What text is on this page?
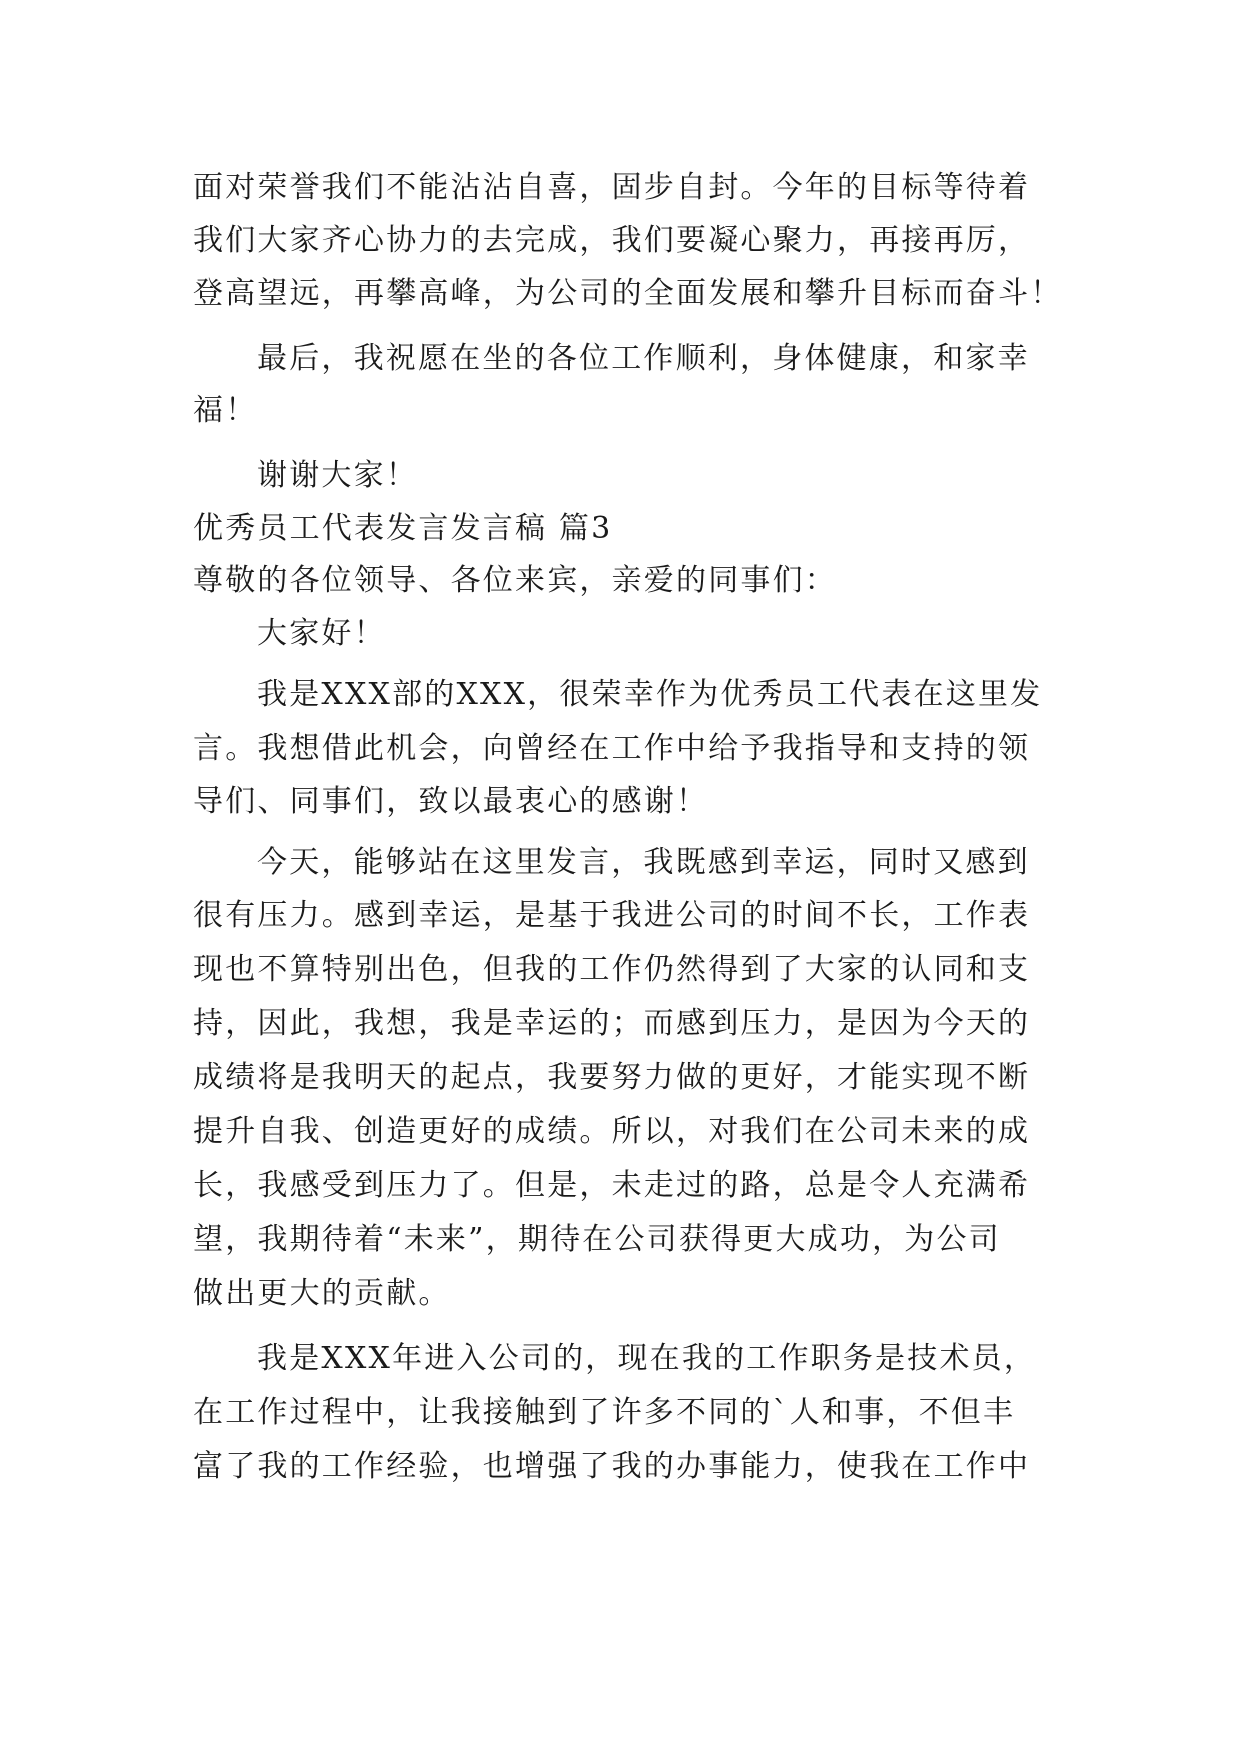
面对荣誉我们不能沾沾自喜，固步自封。今年的目标等待着
我们大家齐心协力的去完成，我们要凝心聚力，再接再厉，
登高望远，再攀高峰，为公司的全面发展和攀升目标而奋斗！
最后，我祝愿在坐的各位工作顺利，身体健康，和家幸
福！
谢谢大家！
优秀员工代表发言发言稿 篇3
尊敬的各位领导、各位来宾，亲爱的同事们：
大家好！
我是XXX部的XXX，很荣幸作为优秀员工代表在这里发
言。我想借此机会，向曾经在工作中给予我指导和支持的领
导们、同事们，致以最衷心的感谢！
今天，能够站在这里发言，我既感到幸运，同时又感到
很有压力。感到幸运，是基于我进公司的时间不长，工作表
现也不算特别出色，但我的工作仍然得到了大家的认同和支
持，因此，我想，我是幸运的；而感到压力，是因为今天的
成绩将是我明天的起点，我要努力做的更好，才能实现不断
提升自我、创造更好的成绩。所以，对我们在公司未来的成
长，我感受到压力了。但是，未走过的路，总是令人充满希
望，我期待着“未来”，期待在公司获得更大成功，为公司
做出更大的贡献。
我是XXX年进入公司的，现在我的工作职务是技术员，
在工作过程中，让我接触到了许多不同的`人和事，不但丰
富了我的工作经验，也增强了我的办事能力，使我在工作中
